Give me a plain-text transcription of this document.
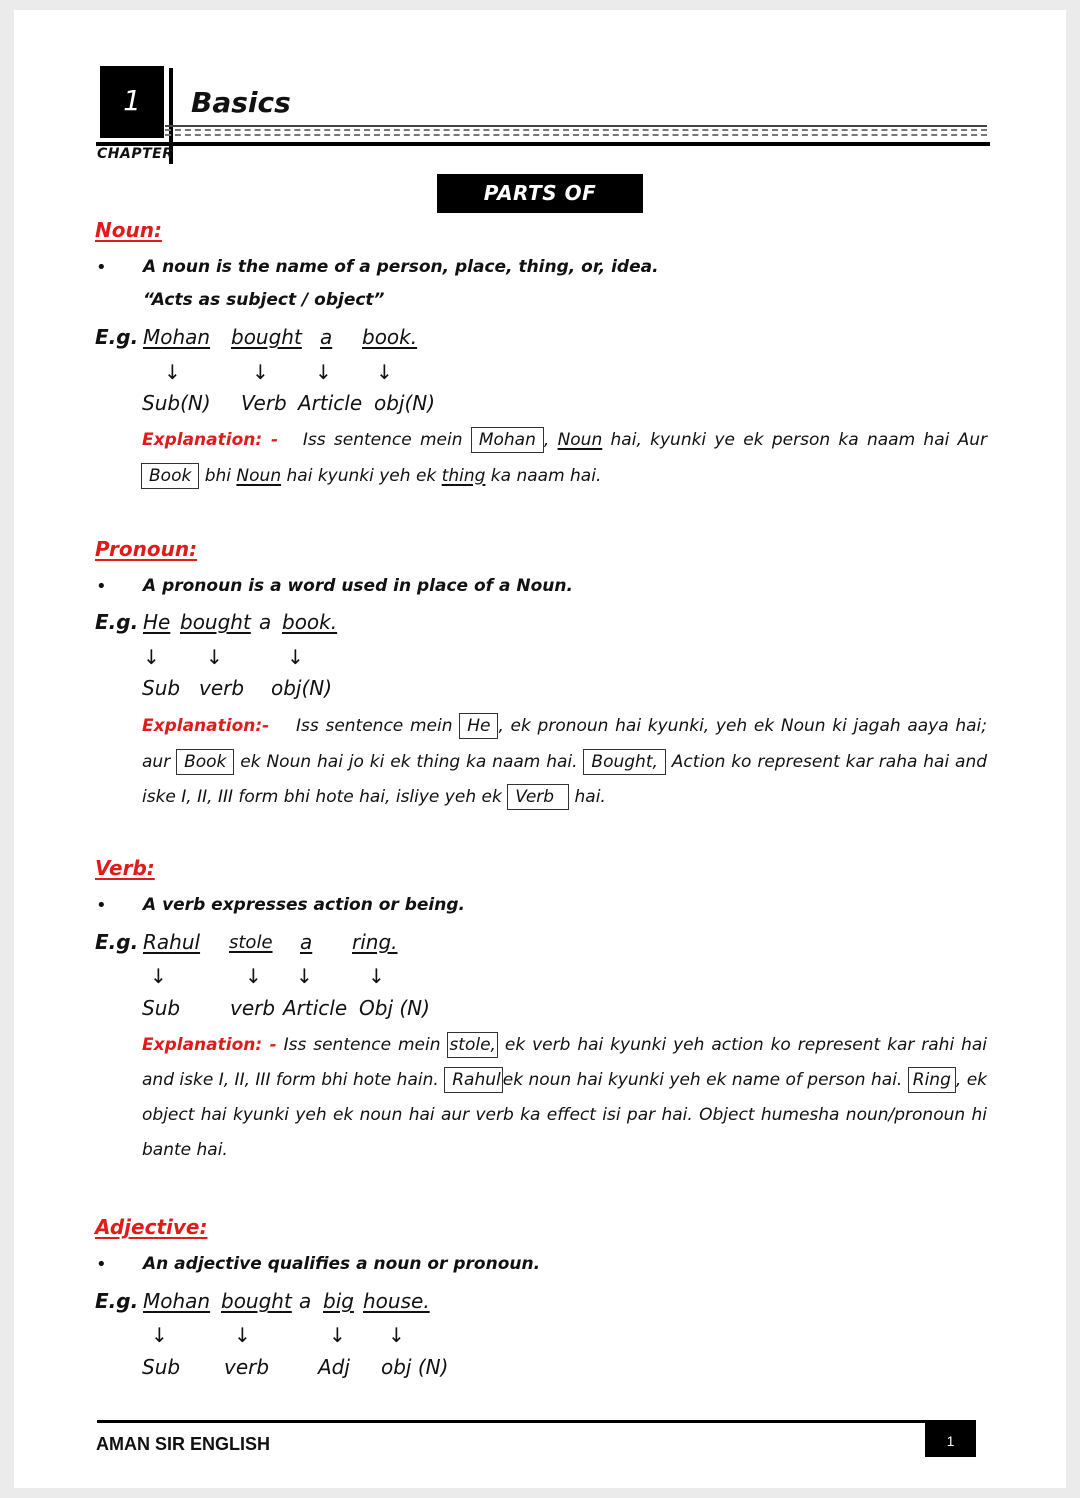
1
CHAPTER
Basics
PARTS OF SPEECH
Noun:
• A noun is the name of a person, place, thing, or, idea.
“Acts as subject / object”
E.g. Mohan bought a book.
↓	↓ ↓ ↓
Sub(N) Verb Article obj(N)
Explanation: - Iss sentence mein Mohan , Noun hai, kyunki ye ek person ka naam hai Aur Book bhi Noun hai kyunki yeh ek thing ka naam hai.
Pronoun:
• A pronoun is a word used in place of a Noun.
E.g. He bought a book.
↓ ↓	↓
Sub verb obj(N)
Explanation:- Iss sentence mein He , ek pronoun hai kyunki, yeh ek Noun ki jagah aaya hai; aur Book ek Noun hai jo ki ek thing ka naam hai. Bought, Action ko represent kar raha hai and iske I, II, III form bhi hote hai, isliye yeh ek Verb hai.
Verb:
• A verb expresses action or being.
E.g. Rahul stole a ring.
↓	↓ ↓	↓
Sub verb Article Obj (N)
Explanation: - Iss sentence mein stole, ek verb hai kyunki yeh action ko represent kar rahi hai and iske I, II, III form bhi hote hain. Rahul ek noun hai kyunki yeh ek name of person hai. Ring , ek object hai kyunki yeh ek noun hai aur verb ka effect isi par hai. Object humesha noun/pronoun hi bante hai.
Adjective:
• An adjective qualifies a noun or pronoun.
E.g. Mohan bought a big house.
↓	↓	↓ ↓
Sub verb Adj obj (N)
AMAN SIR ENGLISH	1
